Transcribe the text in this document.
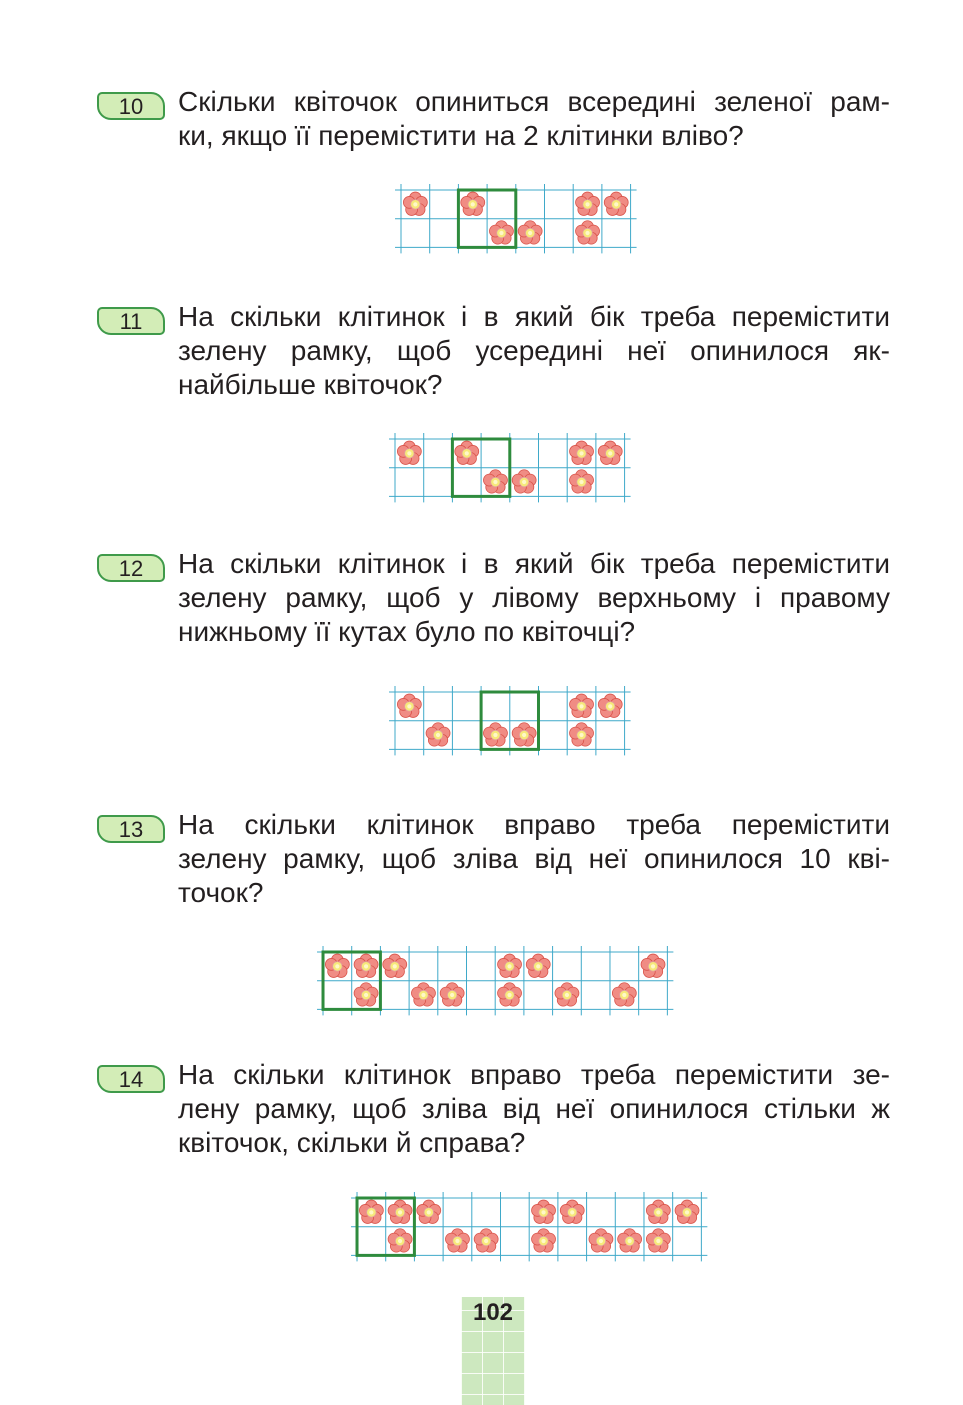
10	Скільки квіточок опиниться всередині зеленої рам-
ки, якщо її перемістити на 2 клітинки вліво?

11	На скільки клітинок і в який бік треба перемістити
зелену рамку, щоб усередині неї опинилося як-
найбільше квіточок?

12	На скільки клітинок і в який бік треба перемістити
зелену рамку, щоб у лівому верхньому і правому
нижньому її кутах було по квіточці?

13	На скільки клітинок вправо треба перемістити
зелену рамку, щоб зліва від неї опинилося 10 кві-
точок?

14	На скільки клітинок вправо треба перемістити зе-
лену рамку, щоб зліва від неї опинилося стільки ж
квіточок, скільки й справа?

102
